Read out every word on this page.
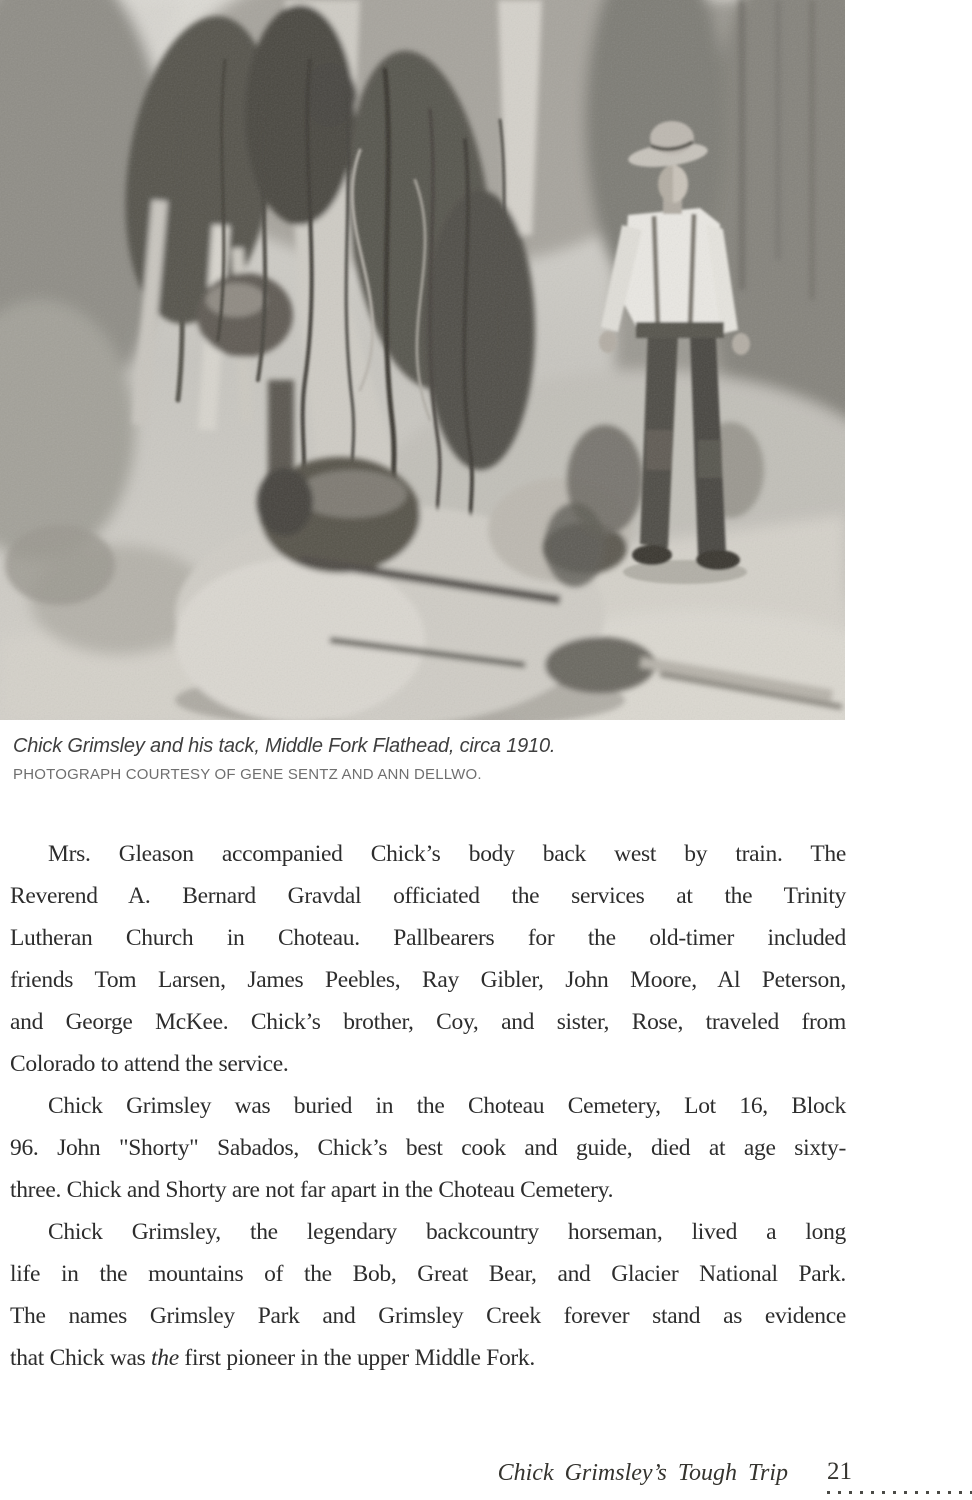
Chick Grimsley and his tack, Middle Fork Flathead, circa 1910.
PHOTOGRAPH COURTESY OF GENE SENTZ AND ANN DELLWO.
Mrs. Gleason accompanied Chick’s body back west by train. The
Reverend A. Bernard Gravdal officiated the services at the Trinity
Lutheran Church in Choteau. Pallbearers for the old-timer included
friends Tom Larsen, James Peebles, Ray Gibler, John Moore, Al Peterson,
and George McKee. Chick’s brother, Coy, and sister, Rose, traveled from
Colorado to attend the service.
Chick Grimsley was buried in the Choteau Cemetery, Lot 16, Block
96. John "Shorty" Sabados, Chick’s best cook and guide, died at age sixty-
three. Chick and Shorty are not far apart in the Choteau Cemetery.
Chick Grimsley, the legendary backcountry horseman, lived a long
life in the mountains of the Bob, Great Bear, and Glacier National Park.
The names Grimsley Park and Grimsley Creek forever stand as evidence
that Chick was the first pioneer in the upper Middle Fork.
Chick Grimsley’s Tough Trip 21
